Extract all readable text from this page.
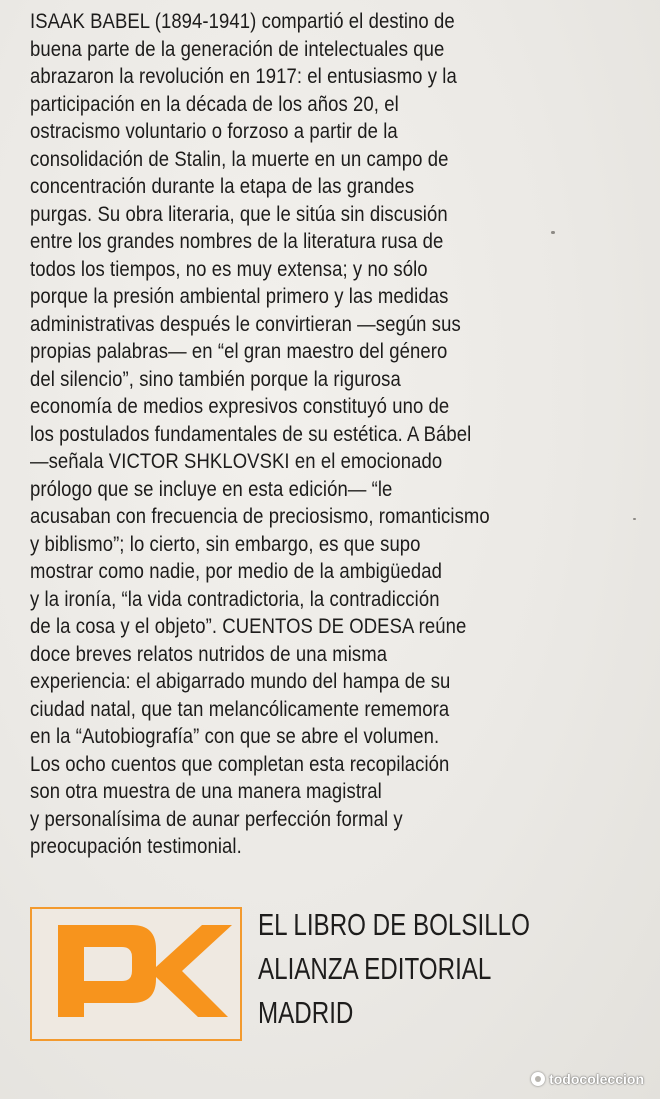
ISAAK BABEL (1894-1941) compartió el destino de
buena parte de la generación de intelectuales que
abrazaron la revolución en 1917: el entusiasmo y la
participación en la década de los años 20, el
ostracismo voluntario o forzoso a partir de la
consolidación de Stalin, la muerte en un campo de
concentración durante la etapa de las grandes
purgas. Su obra literaria, que le sitúa sin discusión
entre los grandes nombres de la literatura rusa de
todos los tiempos, no es muy extensa; y no sólo
porque la presión ambiental primero y las medidas
administrativas después le convirtieran —según sus
propias palabras— en “el gran maestro del género
del silencio”, sino también porque la rigurosa
economía de medios expresivos constituyó uno de
los postulados fundamentales de su estética. A Bábel
—señala VICTOR SHKLOVSKI en el emocionado
prólogo que se incluye en esta edición— “le
acusaban con frecuencia de preciosismo, romanticismo
y biblismo”; lo cierto, sin embargo, es que supo
mostrar como nadie, por medio de la ambigüedad
y la ironía, “la vida contradictoria, la contradicción
de la cosa y el objeto”. CUENTOS DE ODESA reúne
doce breves relatos nutridos de una misma
experiencia: el abigarrado mundo del hampa de su
ciudad natal, que tan melancólicamente rememora
en la “Autobiografía” con que se abre el volumen.
Los ocho cuentos que completan esta recopilación
son otra muestra de una manera magistral
y personalísima de aunar perfección formal y
preocupación testimonial.
EL LIBRO DE BOLSILLO
ALIANZA EDITORIAL
MADRID
todocoleccion
